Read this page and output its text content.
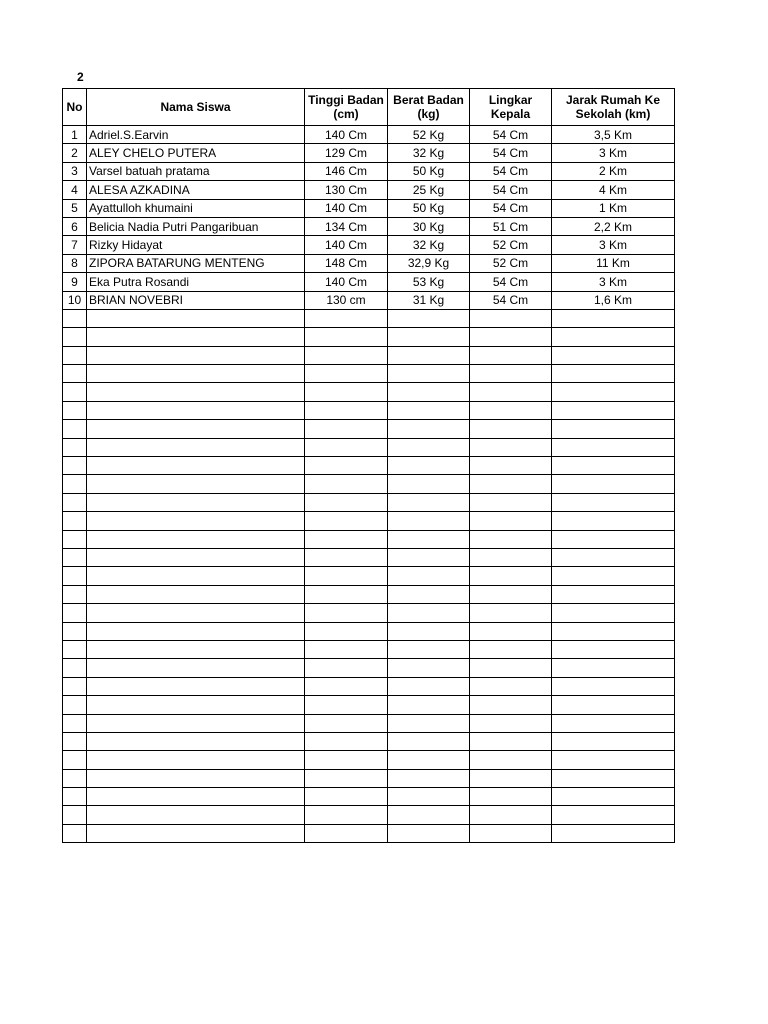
2
No	Nama Siswa	Tinggi Badan (cm)	Berat Badan (kg)	Lingkar Kepala	Jarak Rumah Ke Sekolah (km)
1	Adriel.S.Earvin	140 Cm	52 Kg	54 Cm	3,5 Km
2	ALEY CHELO PUTERA	129 Cm	32 Kg	54 Cm	3 Km
3	Varsel batuah pratama	146 Cm	50 Kg	54 Cm	2 Km
4	ALESA AZKADINA	130 Cm	25 Kg	54 Cm	4 Km
5	Ayattulloh khumaini	140 Cm	50 Kg	54 Cm	1 Km
6	Belicia Nadia Putri Pangaribuan	134 Cm	30 Kg	51 Cm	2,2 Km
7	Rizky Hidayat	140 Cm	32 Kg	52 Cm	3 Km
8	ZIPORA BATARUNG MENTENG	148 Cm	32,9 Kg	52 Cm	11 Km
9	Eka Putra Rosandi	140 Cm	53 Kg	54 Cm	3 Km
10	BRIAN NOVEBRI	130 cm	31 Kg	54 Cm	1,6 Km
